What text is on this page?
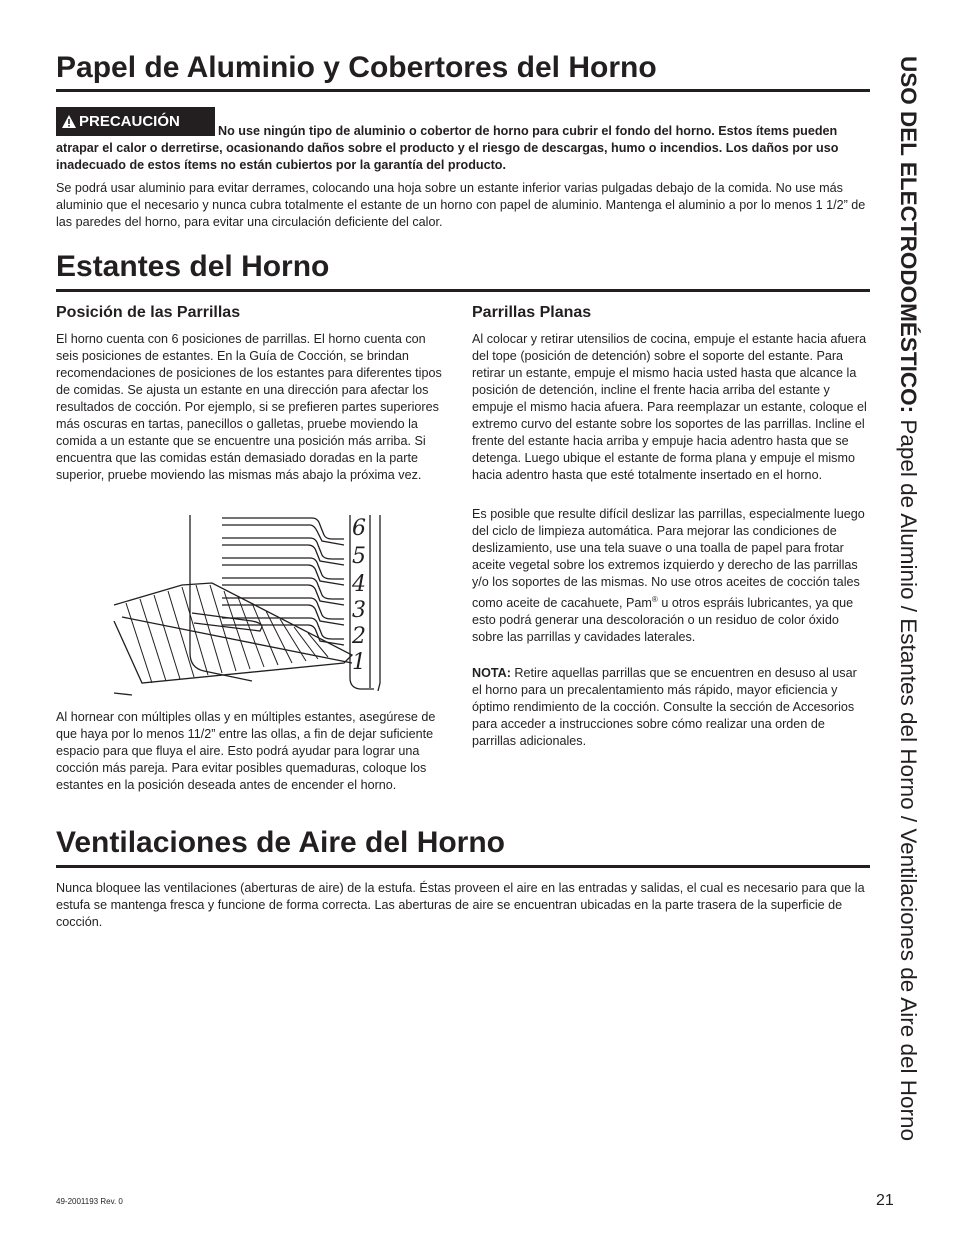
Papel de Aluminio y Cobertores del Horno
PRECAUCIÓN

No use ningún tipo de aluminio o cobertor de horno para cubrir el fondo del horno. Estos ítems pueden atrapar el calor o derretirse, ocasionando daños sobre el producto y el riesgo de descargas, humo o incendios. Los daños por uso inadecuado de estos ítems no están cubiertos por la garantía del producto.

Se podrá usar aluminio para evitar derrames, colocando una hoja sobre un estante inferior varias pulgadas debajo de la comida. No use más aluminio que el necesario y nunca cubra totalmente el estante de un horno con papel de aluminio. Mantenga el aluminio a por lo menos 1 1/2” de las paredes del horno, para evitar una circulación deficiente del calor.

Estantes del Horno
Posición de las Parrillas

El horno cuenta con 6 posiciones de parrillas. El horno cuenta con seis posiciones de estantes. En la Guía de Cocción, se brindan recomendaciones de posiciones de los estantes para diferentes tipos de comidas. Se ajusta un estante en una dirección para afectar los resultados de cocción. Por ejemplo, si se prefieren partes superiores más oscuras en tartas, panecillos o galletas, pruebe moviendo la comida a un estante que se encuentre una posición más arriba. Si encuentra que las comidas están demasiado doradas en la parte superior, pruebe moviendo las mismas más abajo la próxima vez.

6
5
4
3
2
1

Al hornear con múltiples ollas y en múltiples estantes, asegúrese de que haya por lo menos 11/2” entre las ollas, a fin de dejar suficiente espacio para que fluya el aire. Esto podrá ayudar para lograr una cocción más pareja. Para evitar posibles quemaduras, coloque los estantes en la posición deseada antes de encender el horno.

Parrillas Planas

Al colocar y retirar utensilios de cocina, empuje el estante hacia afuera del tope (posición de detención) sobre el soporte del estante. Para retirar un estante, empuje el mismo hacia usted hasta que alcance la posición de detención, incline el frente hacia arriba del estante y empuje el mismo hacia afuera. Para reemplazar un estante, coloque el extremo curvo del estante sobre los soportes de las parrillas. Incline el frente del estante hacia arriba y empuje hacia adentro hasta que se detenga. Luego ubique el estante de forma plana y empuje el mismo hacia adentro hasta que esté totalmente insertado en el horno.

Es posible que resulte difícil deslizar las parrillas, especialmente luego del ciclo de limpieza automática. Para mejorar las condiciones de deslizamiento, use una tela suave o una toalla de papel para frotar aceite vegetal sobre los extremos izquierdo y derecho de las parrillas y/o los soportes de las mismas. No use otros aceites de cocción tales como aceite de cacahuete, Pam® u otros espráis lubricantes, ya que esto podrá generar una descoloración o un residuo de color óxido sobre las parrillas y cavidades laterales.

NOTA: Retire aquellas parrillas que se encuentren en desuso al usar el horno para un precalentamiento más rápido, mayor eficiencia y óptimo rendimiento de la cocción. Consulte la sección de Accesorios para acceder a instrucciones sobre cómo realizar una orden de parrillas adicionales.

Ventilaciones de Aire del Horno

Nunca bloquee las ventilaciones (aberturas de aire) de la estufa. Éstas proveen el aire en las entradas y salidas, el cual es necesario para que la estufa se mantenga fresca y funcione de forma correcta. Las aberturas de aire se encuentran ubicadas en la parte trasera de la superficie de cocción.

USO DEL ELECTRODOMÉSTICO: Papel de Aluminio / Estantes del Horno / Ventilaciones de Aire del Horno
49-2001193 Rev. 0	21
